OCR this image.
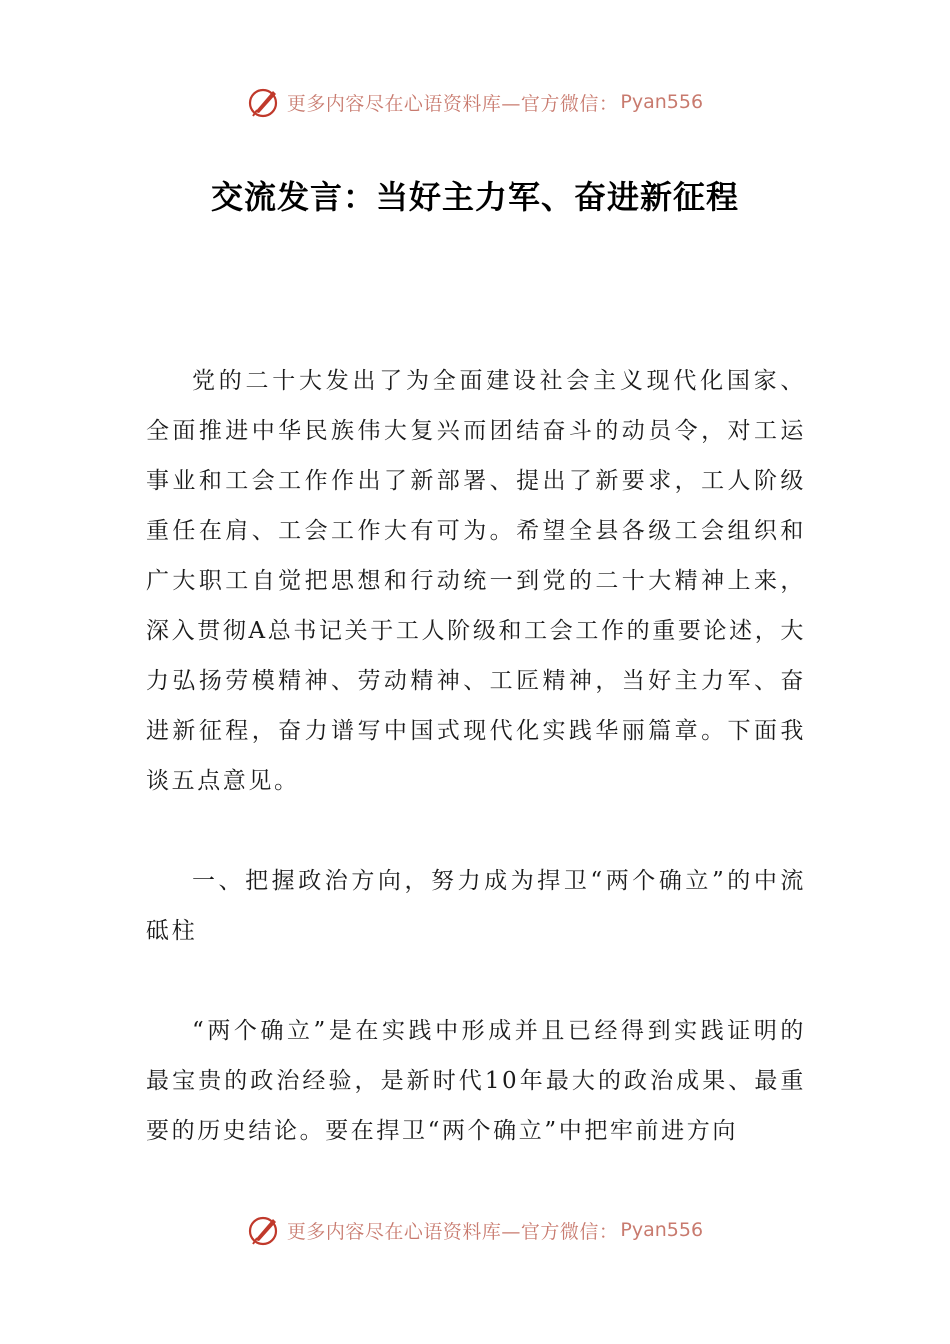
更多内容尽在心语资料库—官方微信： Pyan556
交流发言：当好主力军、奋进新征程

党的二十大发出了为全面建设社会主义现代化国家、全面推进中华民族伟大复兴而团结奋斗的动员令，对工运事业和工会工作作出了新部署、提出了新要求，工人阶级重任在肩、工会工作大有可为。希望全县各级工会组织和广大职工自觉把思想和行动统一到党的二十大精神上来，深入贯彻A总书记关于工人阶级和工会工作的重要论述，大力弘扬劳模精神、劳动精神、工匠精神，当好主力军、奋进新征程，奋力谱写中国式现代化实践华丽篇章。下面我谈五点意见。

一、把握政治方向，努力成为捍卫“两个确立”的中流砥柱

“两个确立”是在实践中形成并且已经得到实践证明的最宝贵的政治经验，是新时代10年最大的政治成果、最重要的历史结论。要在捍卫“两个确立”中把牢前进方向

更多内容尽在心语资料库—官方微信： Pyan556
